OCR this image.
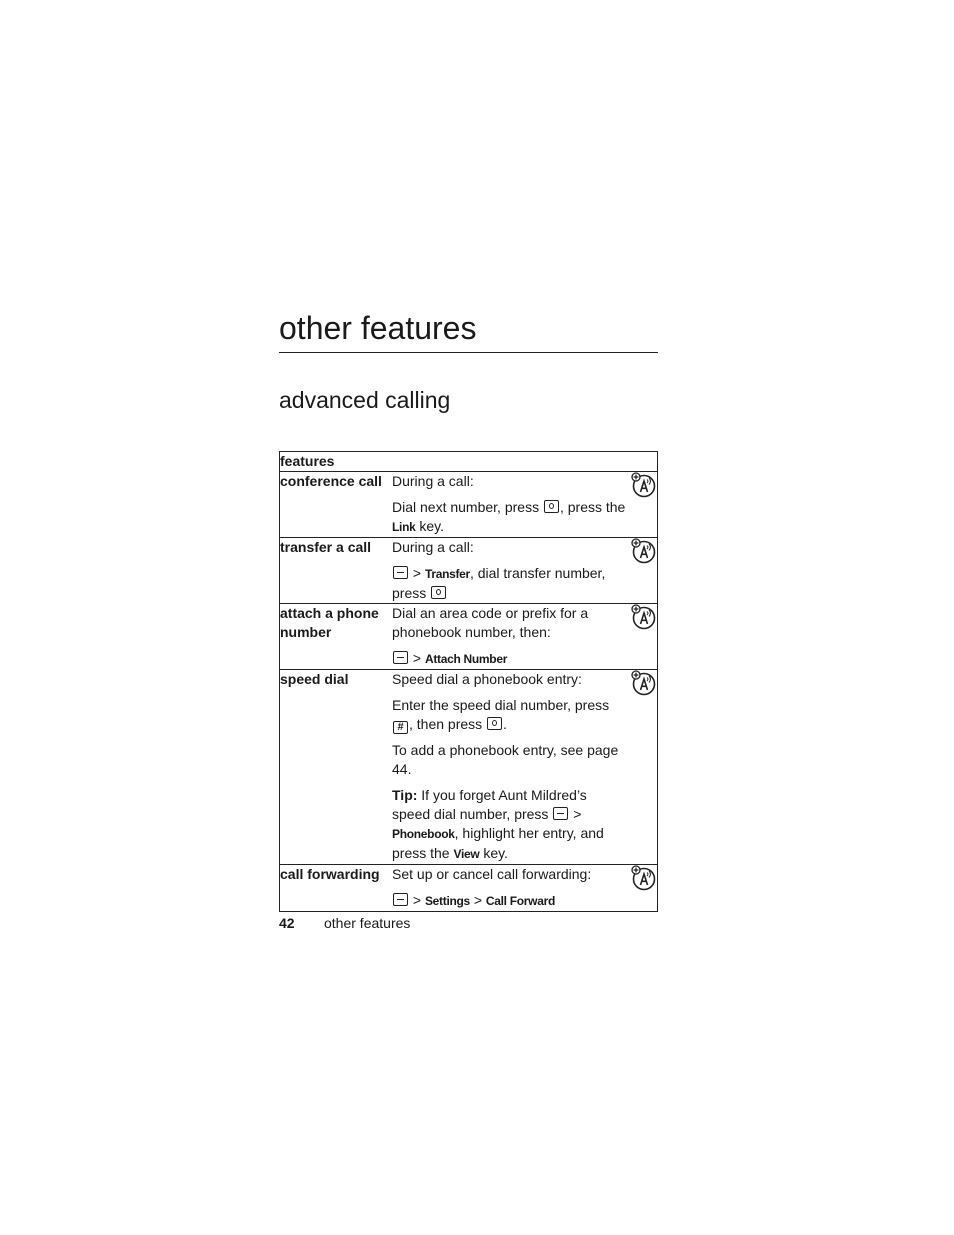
other features
advanced calling
features		
conference call	During a call:

Dial next number, press , press the Link key.

transfer a call	During a call:

> Transfer, dial transfer number, press

attach a phone number	Dial an area code or prefix for a phonebook number, then:

> Attach Number

speed dial	Speed dial a phonebook entry:

Enter the speed dial number, press # , then press .

To add a phonebook entry, see page 44.

Tip: If you forget Aunt Mildred’s speed dial number, press > Phonebook, highlight her entry, and press the View key.

call forwarding	Set up or cancel call forwarding:

> Settings > Call Forward

42 other features
